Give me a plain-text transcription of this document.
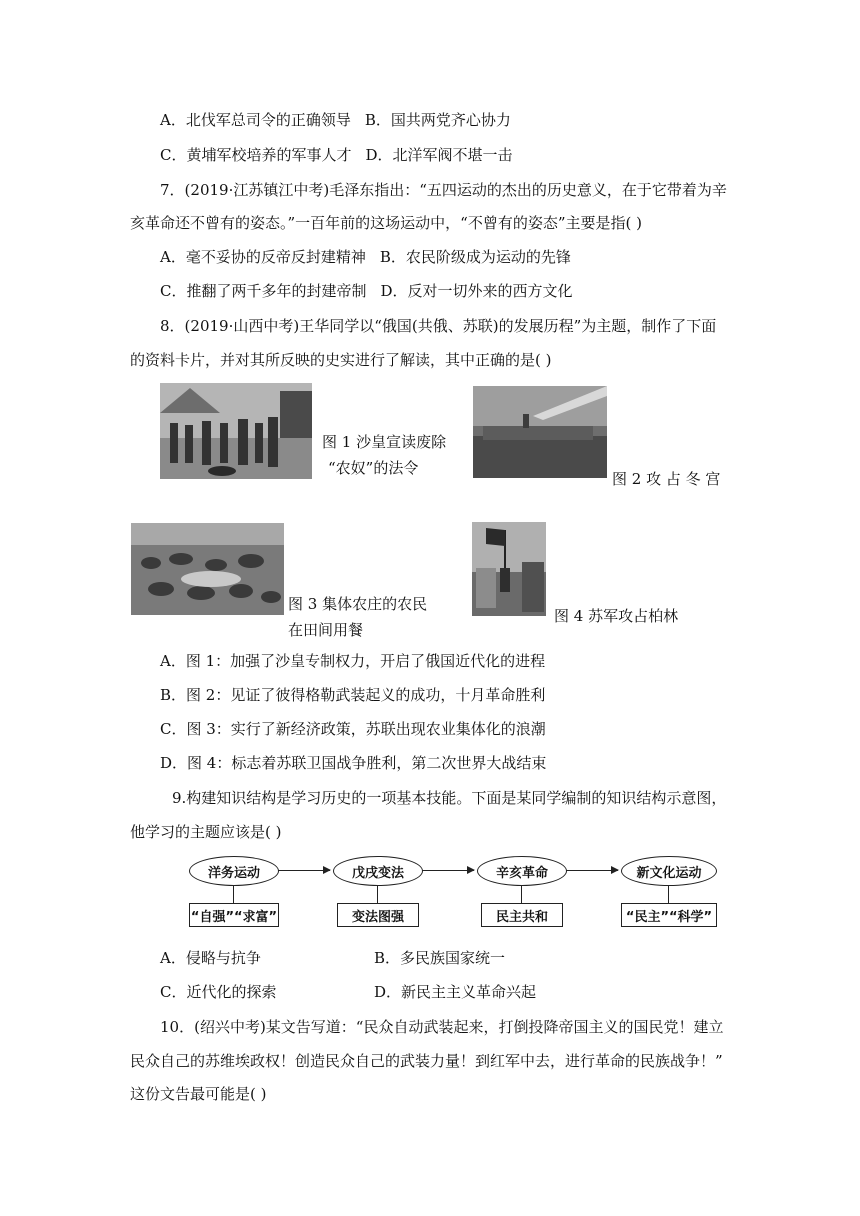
A．北伐军总司令的正确领导 B．国共两党齐心协力
C．黄埔军校培养的军事人才 D．北洋军阀不堪一击
7．(2019·江苏镇江中考)毛泽东指出：“五四运动的杰出的历史意义，在于它带着为辛
亥革命还不曾有的姿态。”一百年前的这场运动中，“不曾有的姿态”主要是指( )
A．毫不妥协的反帝反封建精神 B．农民阶级成为运动的先锋
C．推翻了两千多年的封建帝制 D．反对一切外来的西方文化
8．(2019·山西中考)王华同学以“俄国(共俄、苏联)的发展历程”为主题，制作了下面
的资料卡片，并对其所反映的史实进行了解读，其中正确的是( )
图 1 沙皇宣读废除
“农奴”的法令
图 2 攻 占 冬 宫
图 3 集体农庄的农民
在田间用餐
图 4 苏军攻占柏林
A．图 1：加强了沙皇专制权力，开启了俄国近代化的进程
B．图 2：见证了彼得格勒武装起义的成功，十月革命胜利
C．图 3：实行了新经济政策，苏联出现农业集体化的浪潮
D．图 4：标志着苏联卫国战争胜利，第二次世界大战结束
9.构建知识结构是学习历史的一项基本技能。下面是某同学编制的知识结构示意图，
他学习的主题应该是( )
洋务运动	戊戌变法	辛亥革命	新文化运动
“自强”“求富”	变法图强	民主共和	“民主”“科学”
A．侵略与抗争	B．多民族国家统一
C．近代化的探索	D．新民主主义革命兴起
10．(绍兴中考)某文告写道：“民众自动武装起来，打倒投降帝国主义的国民党！建立
民众自己的苏维埃政权！创造民众自己的武装力量！到红军中去，进行革命的民族战争！”
这份文告最可能是( )
